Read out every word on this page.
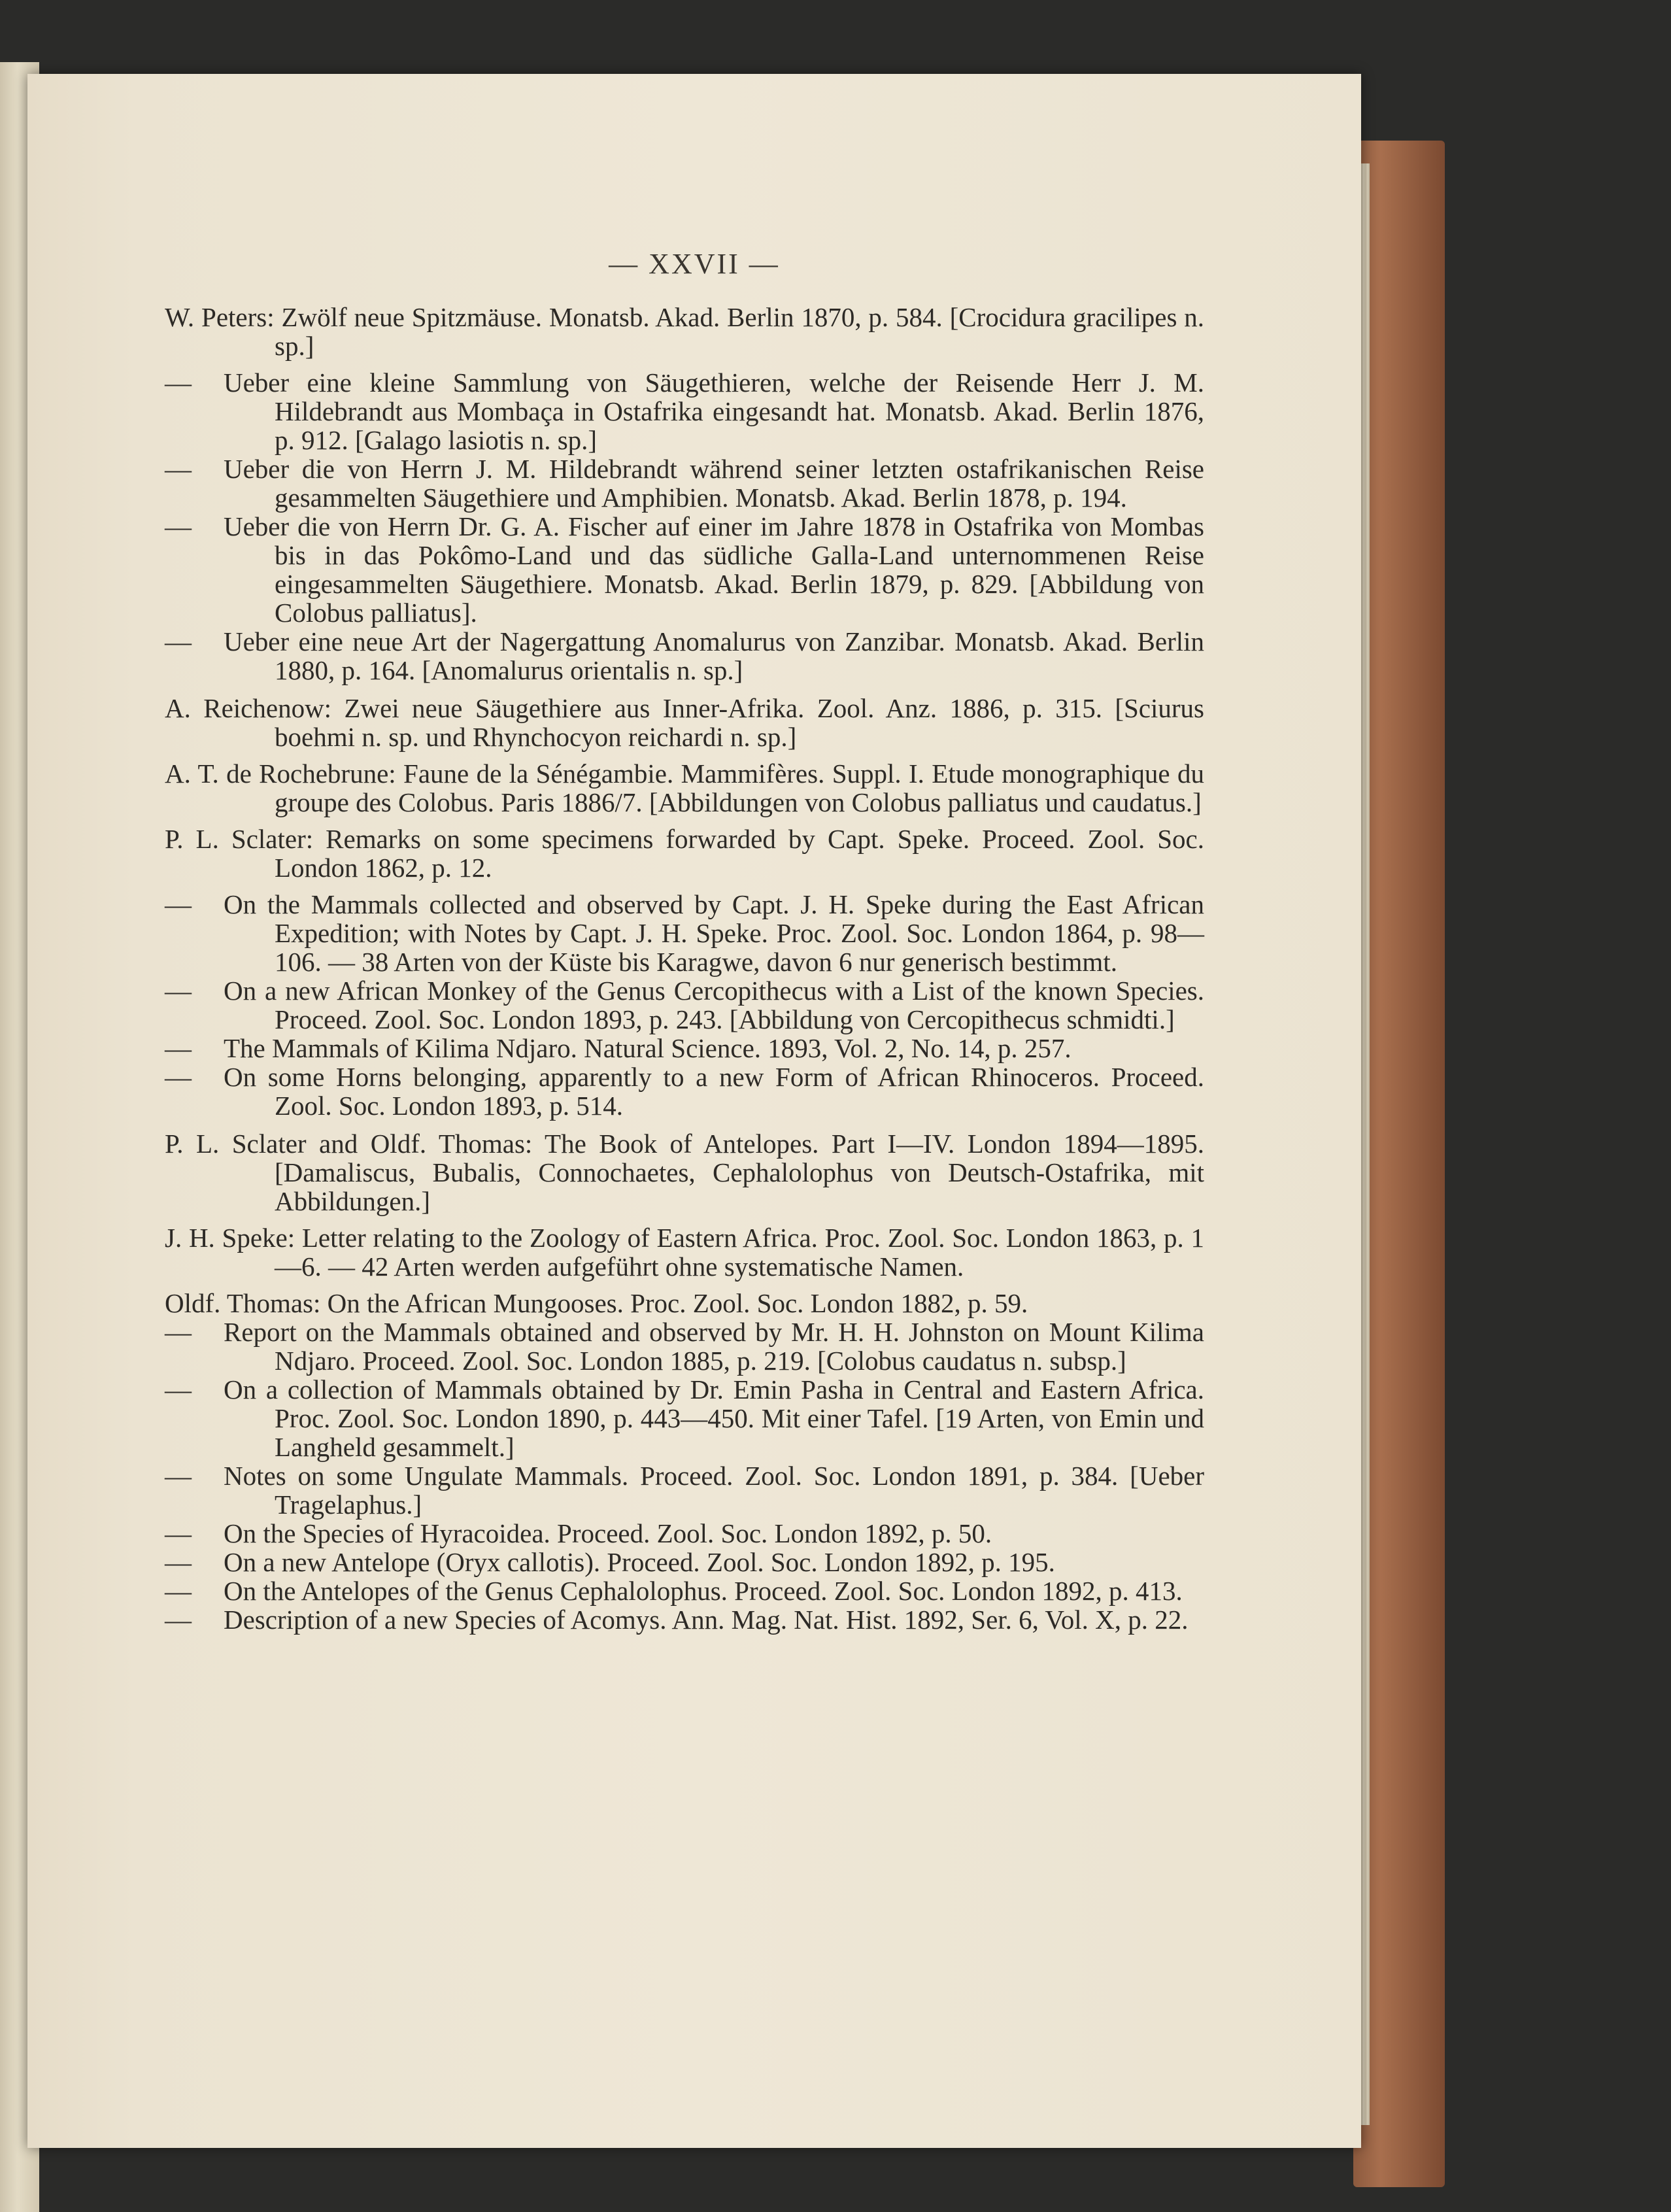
— XXVII —

W. Peters: Zwölf neue Spitzmäuse. Monatsb. Akad. Berlin 1870, p. 584. [Crocidura gracilipes n. sp.]

— Ueber eine kleine Sammlung von Säugethieren, welche der Reisende Herr J. M. Hildebrandt aus Mombaça in Ostafrika eingesandt hat. Monatsb. Akad. Berlin 1876, p. 912. [Galago lasiotis n. sp.]

— Ueber die von Herrn J. M. Hildebrandt während seiner letzten ostafrikanischen Reise gesammelten Säugethiere und Amphibien. Monatsb. Akad. Berlin 1878, p. 194.

— Ueber die von Herrn Dr. G. A. Fischer auf einer im Jahre 1878 in Ostafrika von Mombas bis in das Pokômo-Land und das südliche Galla-Land unternommenen Reise eingesammelten Säugethiere. Monatsb. Akad. Berlin 1879, p. 829. [Abbildung von Colobus palliatus].

— Ueber eine neue Art der Nagergattung Anomalurus von Zanzibar. Monatsb. Akad. Berlin 1880, p. 164. [Anomalurus orientalis n. sp.]

A. Reichenow: Zwei neue Säugethiere aus Inner-Afrika. Zool. Anz. 1886, p. 315. [Sciurus boehmi n. sp. und Rhynchocyon reichardi n. sp.]

A. T. de Rochebrune: Faune de la Sénégambie. Mammifères. Suppl. I. Etude monographique du groupe des Colobus. Paris 1886/7. [Abbildungen von Colobus palliatus und caudatus.]

P. L. Sclater: Remarks on some specimens forwarded by Capt. Speke. Proceed. Zool. Soc. London 1862, p. 12.

— On the Mammals collected and observed by Capt. J. H. Speke during the East African Expedition; with Notes by Capt. J. H. Speke. Proc. Zool. Soc. London 1864, p. 98—106. — 38 Arten von der Küste bis Karagwe, davon 6 nur generisch bestimmt.

— On a new African Monkey of the Genus Cercopithecus with a List of the known Species. Proceed. Zool. Soc. London 1893, p. 243. [Abbildung von Cercopithecus schmidti.]

— The Mammals of Kilima Ndjaro. Natural Science. 1893, Vol. 2, No. 14, p. 257.

— On some Horns belonging, apparently to a new Form of African Rhinoceros. Proceed. Zool. Soc. London 1893, p. 514.

P. L. Sclater and Oldf. Thomas: The Book of Antelopes. Part I—IV. London 1894—1895. [Damaliscus, Bubalis, Connochaetes, Cephalolophus von Deutsch-Ostafrika, mit Abbildungen.]

J. H. Speke: Letter relating to the Zoology of Eastern Africa. Proc. Zool. Soc. London 1863, p. 1—6. — 42 Arten werden aufgeführt ohne systematische Namen.

Oldf. Thomas: On the African Mungooses. Proc. Zool. Soc. London 1882, p. 59.

— Report on the Mammals obtained and observed by Mr. H. H. Johnston on Mount Kilima Ndjaro. Proceed. Zool. Soc. London 1885, p. 219. [Colobus caudatus n. subsp.]

— On a collection of Mammals obtained by Dr. Emin Pasha in Central and Eastern Africa. Proc. Zool. Soc. London 1890, p. 443—450. Mit einer Tafel. [19 Arten, von Emin und Langheld gesammelt.]

— Notes on some Ungulate Mammals. Proceed. Zool. Soc. London 1891, p. 384. [Ueber Tragelaphus.]

— On the Species of Hyracoidea. Proceed. Zool. Soc. London 1892, p. 50.

— On a new Antelope (Oryx callotis). Proceed. Zool. Soc. London 1892, p. 195.

— On the Antelopes of the Genus Cephalolophus. Proceed. Zool. Soc. London 1892, p. 413.

— Description of a new Species of Acomys. Ann. Mag. Nat. Hist. 1892, Ser. 6, Vol. X, p. 22.
